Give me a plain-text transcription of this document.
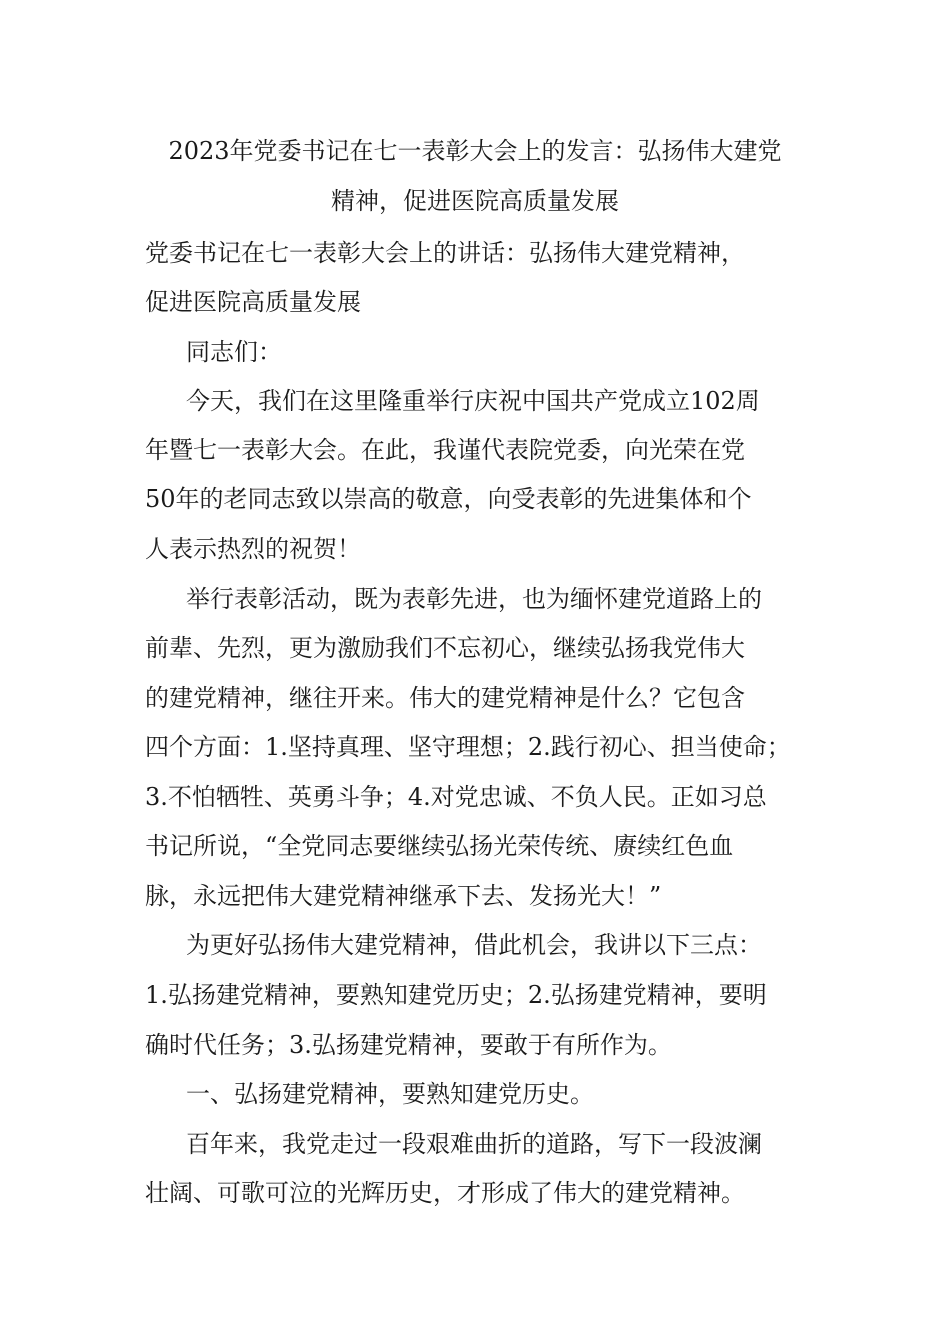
2023年党委书记在七一表彰大会上的发言：弘扬伟大建党
精神，促进医院高质量发展
党委书记在七一表彰大会上的讲话：弘扬伟大建党精神，
促进医院高质量发展
同志们：
今天，我们在这里隆重举行庆祝中国共产党成立102周
年暨七一表彰大会。在此，我谨代表院党委，向光荣在党
50年的老同志致以崇高的敬意，向受表彰的先进集体和个
人表示热烈的祝贺！
举行表彰活动，既为表彰先进，也为缅怀建党道路上的
前辈、先烈，更为激励我们不忘初心，继续弘扬我党伟大
的建党精神，继往开来。伟大的建党精神是什么？它包含
四个方面：1.坚持真理、坚守理想；2.践行初心、担当使命；
3.不怕牺牲、英勇斗争；4.对党忠诚、不负人民。正如习总
书记所说，“全党同志要继续弘扬光荣传统、赓续红色血
脉，永远把伟大建党精神继承下去、发扬光大！”
为更好弘扬伟大建党精神，借此机会，我讲以下三点：
1.弘扬建党精神，要熟知建党历史；2.弘扬建党精神，要明
确时代任务；3.弘扬建党精神，要敢于有所作为。
一、弘扬建党精神，要熟知建党历史。
百年来，我党走过一段艰难曲折的道路，写下一段波澜
壮阔、可歌可泣的光辉历史，才形成了伟大的建党精神。
